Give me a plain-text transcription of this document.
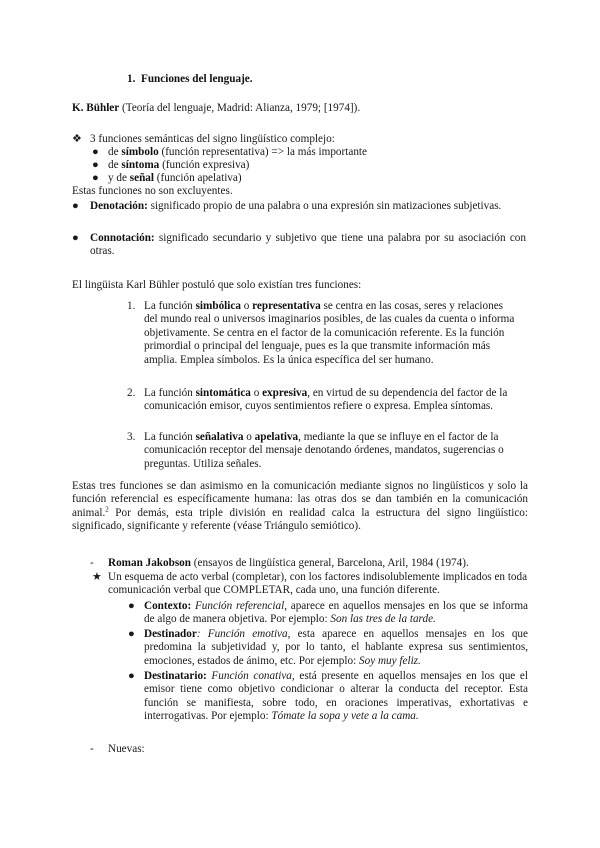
1. Funciones del lenguaje.
K. Bühler (Teoría del lenguaje, Madrid: Alianza, 1979; [1974]).
❖ 3 funciones semánticas del signo lingüístico complejo:
● de símbolo (función representativa) => la más importante
● de síntoma (función expresiva)
● y de señal (función apelativa)
Estas funciones no son excluyentes.
● Denotación: significado propio de una palabra o una expresión sin matizaciones subjetivas.
● Connotación: significado secundario y subjetivo que tiene una palabra por su asociación con otras.
El lingüista Karl Bühler postuló que solo existían tres funciones:
1. La función simbólica o representativa se centra en las cosas, seres y relaciones del mundo real o universos imaginarios posibles, de las cuales da cuenta o informa objetivamente. Se centra en el factor de la comunicación referente. Es la función primordial o principal del lenguaje, pues es la que transmite información más amplia. Emplea símbolos. Es la única específica del ser humano.
2. La función sintomática o expresiva, en virtud de su dependencia del factor de la comunicación emisor, cuyos sentimientos refiere o expresa. Emplea síntomas.
3. La función señalativa o apelativa, mediante la que se influye en el factor de la comunicación receptor del mensaje denotando órdenes, mandatos, sugerencias o preguntas. Utiliza señales.
Estas tres funciones se dan asimismo en la comunicación mediante signos no lingüísticos y solo la función referencial es específicamente humana: las otras dos se dan también en la comunicación animal.$^2$ Por demás, esta triple división en realidad calca la estructura del signo lingüístico: significado, significante y referente (véase Triángulo semiótico).
- Roman Jakobson (ensayos de lingüística general, Barcelona, Aril, 1984 (1974).
★ Un esquema de acto verbal (completar), con los factores indisolublemente implicados en toda comunicación verbal que COMPLETAR, cada uno, una función diferente.
● Contexto: Función referencial, aparece en aquellos mensajes en los que se informa de algo de manera objetiva. Por ejemplo: Son las tres de la tarde.
● Destinador: Función emotiva, esta aparece en aquellos mensajes en los que predomina la subjetividad y, por lo tanto, el hablante expresa sus sentimientos, emociones, estados de ánimo, etc. Por ejemplo: Soy muy feliz.
● Destinatario: Función conativa, está presente en aquellos mensajes en los que el emisor tiene como objetivo condicionar o alterar la conducta del receptor. Esta función se manifiesta, sobre todo, en oraciones imperativas, exhortativas e interrogativas. Por ejemplo: Tómate la sopa y vete a la cama.
- Nuevas:
